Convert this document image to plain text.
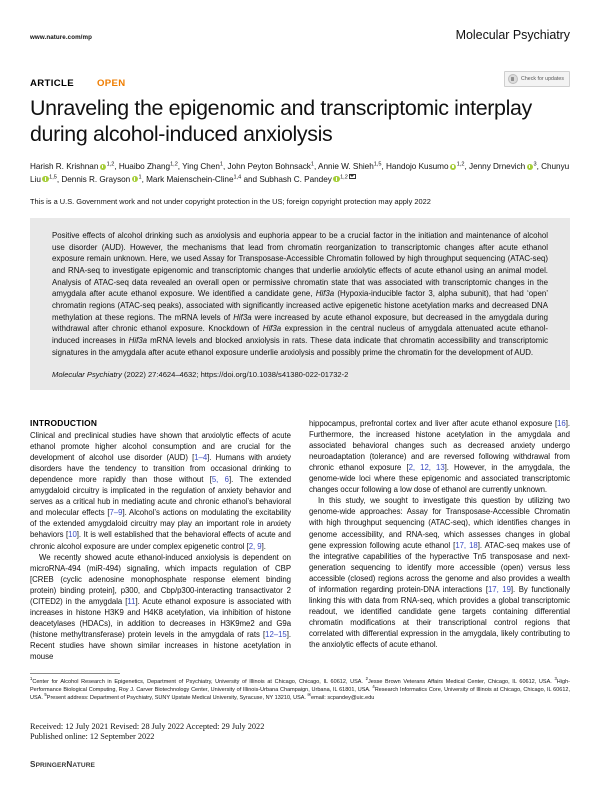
www.nature.com/mp	Molecular Psychiatry
ARTICLE OPEN	Check for updates
Unraveling the epigenomic and transcriptomic interplay during alcohol-induced anxiolysis
Harish R. Krishnan $^{1,2}$, Huaibo Zhang$^{1,2}$, Ying Chen$^1$, John Peyton Bohnsack$^1$, Annie W. Shieh$^{1,5}$, Handojo Kusumo $^{1,2}$, Jenny Drnevich $^3$, Chunyu Liu $^{1,5}$, Dennis R. Grayson $^1$, Mark Maienschein-Cline$^{1,4}$ and Subhash C. Pandey $^{1,2}$
This is a U.S. Government work and not under copyright protection in the US; foreign copyright protection may apply 2022

Positive effects of alcohol drinking such as anxiolysis and euphoria appear to be a crucial factor in the initiation and maintenance of alcohol use disorder (AUD). However, the mechanisms that lead from chromatin reorganization to transcriptomic changes after acute ethanol exposure remain unknown. Here, we used Assay for Transposase-Accessible Chromatin followed by high throughput sequencing (ATAC-seq) and RNA-seq to investigate epigenomic and transcriptomic changes that underlie anxiolytic effects of acute ethanol using an animal model. Analysis of ATAC-seq data revealed an overall open or permissive chromatin state that was associated with transcriptomic changes in the amygdala after acute ethanol exposure. We identified a candidate gene, Hif3a (Hypoxia-inducible factor 3, alpha subunit), that had ‘open’ chromatin regions (ATAC-seq peaks), associated with significantly increased active epigenetic histone acetylation marks and decreased DNA methylation at these regions. The mRNA levels of Hif3a were increased by acute ethanol exposure, but decreased in the amygdala during withdrawal after chronic ethanol exposure. Knockdown of Hif3a expression in the central nucleus of amygdala attenuated acute ethanol-induced increases in Hif3a mRNA levels and blocked anxiolysis in rats. These data indicate that chromatin accessibility and transcriptomic signatures in the amygdala after acute ethanol exposure underlie anxiolysis and possibly prime the chromatin for the development of AUD.

Molecular Psychiatry (2022) 27:4624–4632; https://doi.org/10.1038/s41380-022-01732-2
INTRODUCTION

Clinical and preclinical studies have shown that anxiolytic effects of acute ethanol promote higher alcohol consumption and are crucial for the development of alcohol use disorder (AUD) [1–4]. Humans with anxiety disorders have the tendency to transition from occasional drinking to dependence more rapidly than those without [5, 6]. The extended amygdaloid circuitry is implicated in the regulation of anxiety behavior and serves as a critical hub in mediating acute and chronic ethanol’s behavioral and molecular effects [7–9]. Alcohol’s actions on modulating the excitability of the extended amygdaloid circuitry may play an important role in anxiety behaviors [10]. It is well established that the behavioral effects of acute and chronic alcohol exposure are under complex epigenetic control [2, 9].

We recently showed acute ethanol-induced anxiolysis is dependent on microRNA-494 (miR-494) signaling, which impacts regulation of CBP [CREB (cyclic adenosine monophosphate response element binding protein) binding protein], p300, and Cbp/p300-interacting transactivator 2 (CITED2) in the amygdala [11]. Acute ethanol exposure is associated with increases in histone H3K9 and H4K8 acetylation, via inhibition of histone deacetylases (HDACs), in addition to decreases in H3K9me2 and G9a (histone methyltransferase) protein levels in the amygdala of rats [12–15]. Recent studies have shown similar increases in histone acetylation in mouse

hippocampus, prefrontal cortex and liver after acute ethanol exposure [16]. Furthermore, the increased histone acetylation in the amygdala and associated behavioral changes such as decreased anxiety undergo neuroadaptation (tolerance) and are reversed following withdrawal from chronic ethanol exposure [2, 12, 13]. However, in the amygdala, the genome-wide loci where these epigenomic and associated transcriptomic changes occur following a low dose of ethanol are currently unknown.

In this study, we sought to investigate this question by utilizing two genome-wide approaches: Assay for Transposase-Accessible Chromatin with high throughput sequencing (ATAC-seq), which identifies changes in genome accessibility, and RNA-seq, which assesses changes in global gene expression following acute ethanol [17, 18]. ATAC-seq makes use of the integrative capabilities of the hyperactive Tn5 transposase and next-generation sequencing to identify more accessible (open) versus less accessible (closed) regions across the genome and also provides a wealth of information regarding protein-DNA interactions [17, 19]. By functionally linking this with data from RNA-seq, which provides a global transcriptomic readout, we identified candidate gene targets containing differential chromatin modifications at their transcriptional control regions that correlated with differential expression in the amygdala, likely contributing to the anxiolytic effects of acute ethanol.

$^1$Center for Alcohol Research in Epigenetics, Department of Psychiatry, University of Illinois at Chicago, Chicago, IL 60612, USA. $^2$Jesse Brown Veterans Affairs Medical Center, Chicago, IL 60612, USA. $^3$High-Performance Biological Computing, Roy J. Carver Biotechnology Center, University of Illinois-Urbana Champaign, Urbana, IL 61801, USA. $^4$Research Informatics Core, University of Illinois at Chicago, Chicago, IL 60612, USA. $^5$Present address: Department of Psychiatry, SUNY Upstate Medical University, Syracuse, NY 13210, USA. ✉email: scpandey@uic.edu
Received: 12 July 2021 Revised: 28 July 2022 Accepted: 29 July 2022
Published online: 12 September 2022
SPRINGERNATURE
